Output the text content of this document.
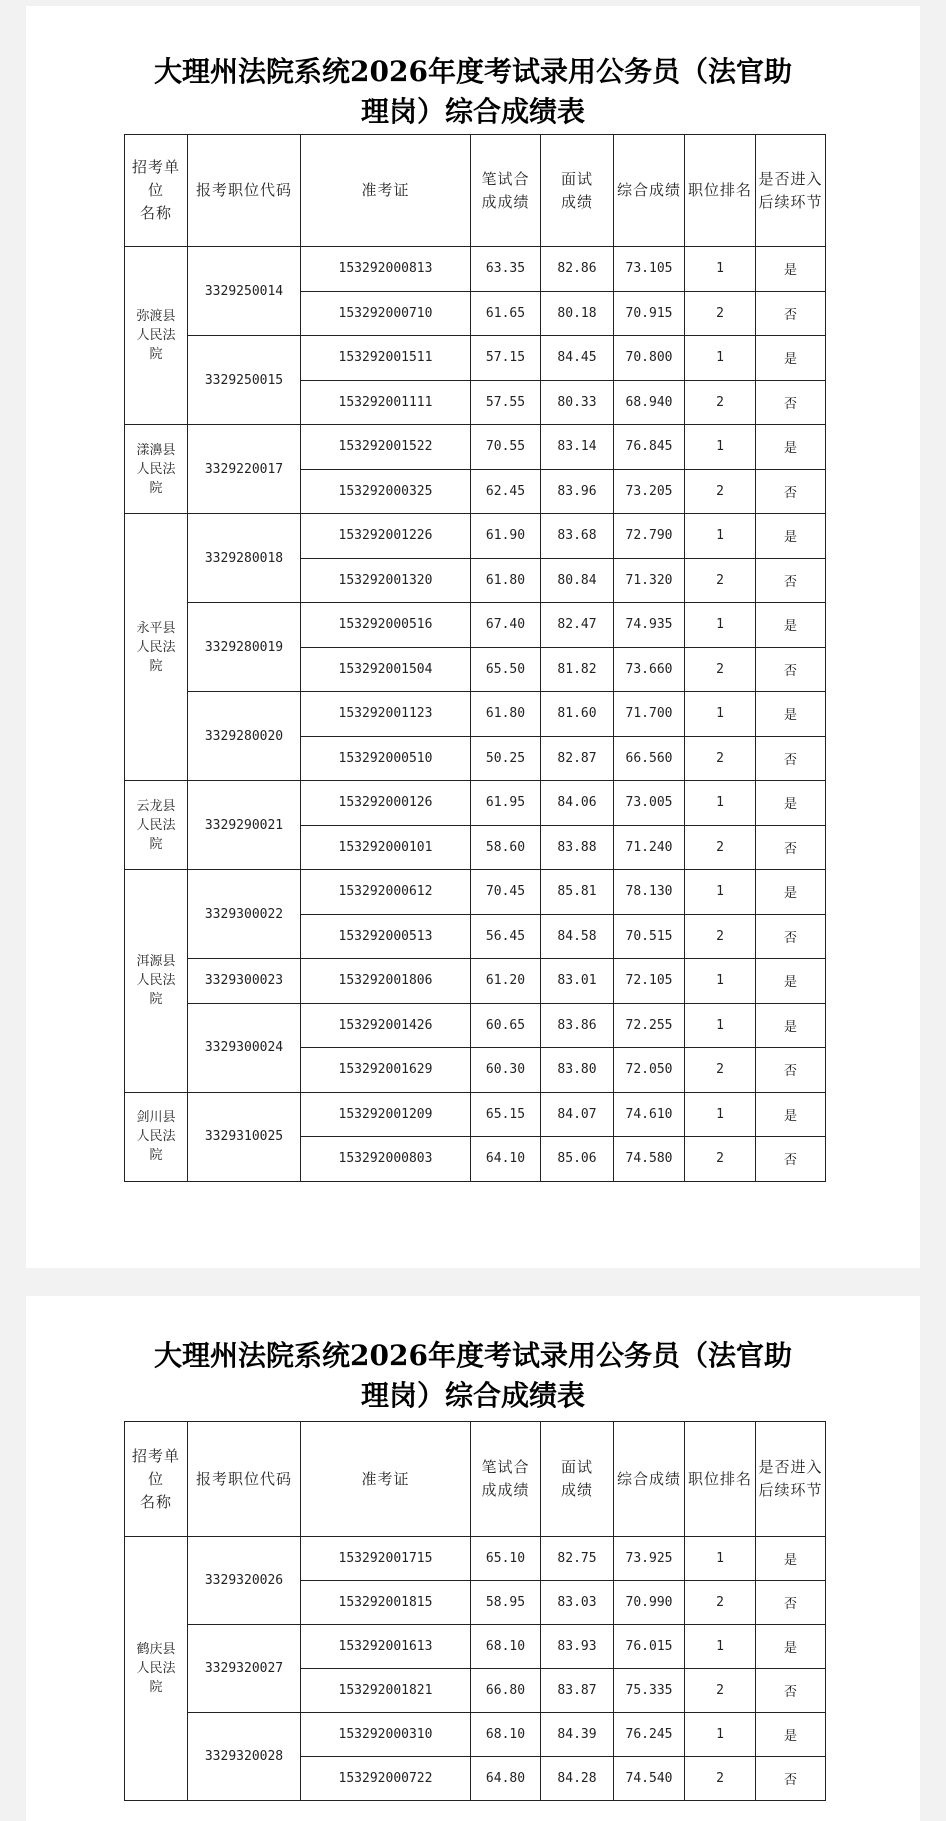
大理州法院系统2026年度考试录用公务员（法官助
理岗）综合成绩表
招考单位
名称	报考职位代码	准考证	笔试合
成成绩	面试
成绩	综合成绩	职位排名	是否进入
后续环节
弥渡县
人民法
院	3329250014	153292000813	63.35	82.86	73.105	1	是
		153292000710	61.65	80.18	70.915	2	否
	3329250015	153292001511	57.15	84.45	70.800	1	是
		153292001111	57.55	80.33	68.940	2	否
漾濞县
人民法
院	3329220017	153292001522	70.55	83.14	76.845	1	是
		153292000325	62.45	83.96	73.205	2	否
永平县
人民法
院	3329280018	153292001226	61.90	83.68	72.790	1	是
		153292001320	61.80	80.84	71.320	2	否
	3329280019	153292000516	67.40	82.47	74.935	1	是
		153292001504	65.50	81.82	73.660	2	否
	3329280020	153292001123	61.80	81.60	71.700	1	是
		153292000510	50.25	82.87	66.560	2	否
云龙县
人民法
院	3329290021	153292000126	61.95	84.06	73.005	1	是
		153292000101	58.60	83.88	71.240	2	否
洱源县
人民法
院	3329300022	153292000612	70.45	85.81	78.130	1	是
		153292000513	56.45	84.58	70.515	2	否
	3329300023	153292001806	61.20	83.01	72.105	1	是
	3329300024	153292001426	60.65	83.86	72.255	1	是
		153292001629	60.30	83.80	72.050	2	否
剑川县
人民法
院	3329310025	153292001209	65.15	84.07	74.610	1	是
		153292000803	64.10	85.06	74.580	2	否
大理州法院系统2026年度考试录用公务员（法官助
理岗）综合成绩表
招考单位
名称	报考职位代码	准考证	笔试合
成成绩	面试
成绩	综合成绩	职位排名	是否进入
后续环节
鹤庆县
人民法
院	3329320026	153292001715	65.10	82.75	73.925	1	是
		153292001815	58.95	83.03	70.990	2	否
	3329320027	153292001613	68.10	83.93	76.015	1	是
		153292001821	66.80	83.87	75.335	2	否
	3329320028	153292000310	68.10	84.39	76.245	1	是
		153292000722	64.80	84.28	74.540	2	否
